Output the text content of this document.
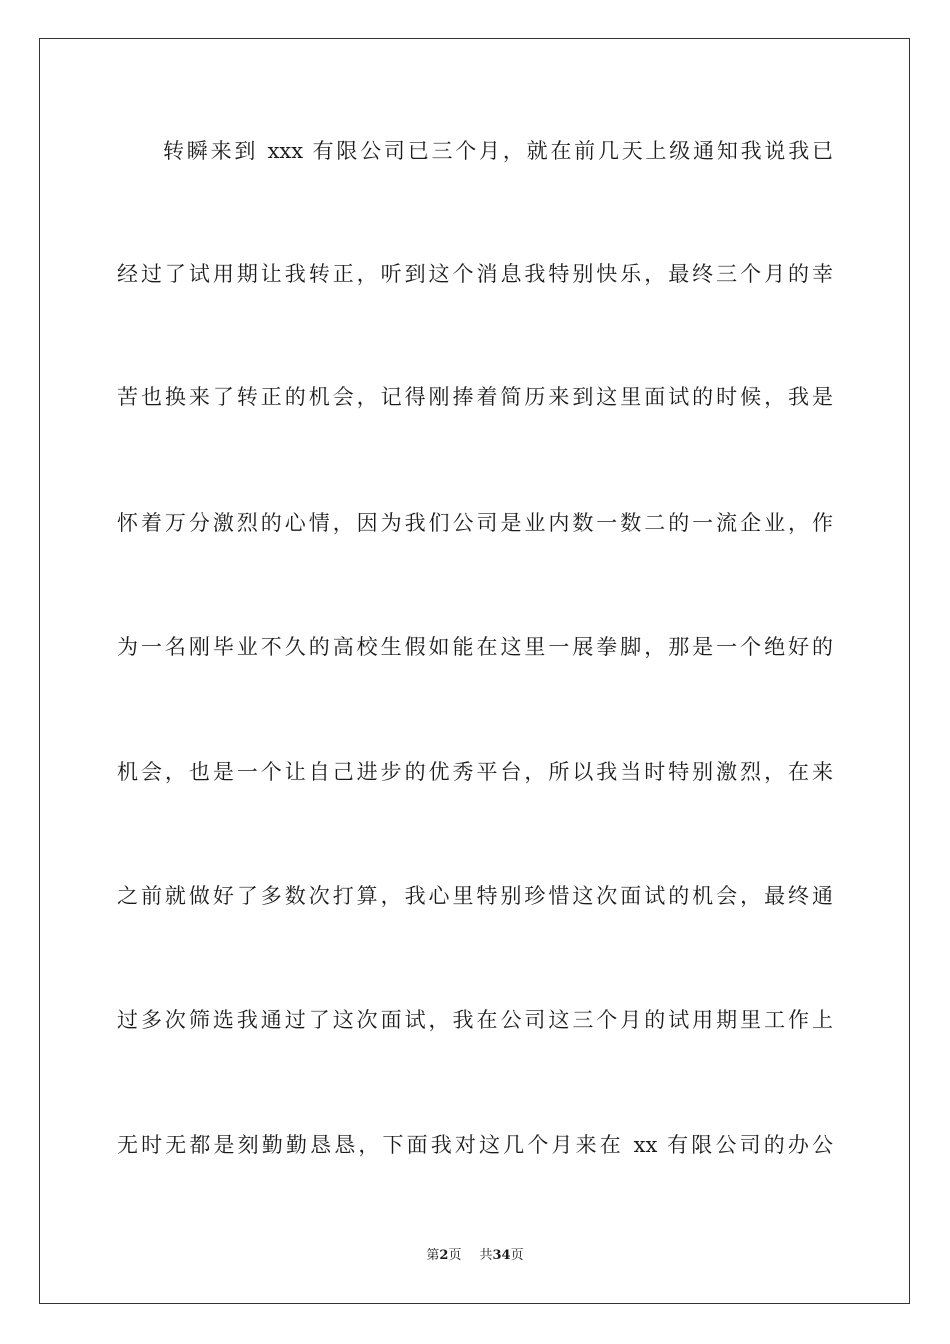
转瞬来到 xxx 有限公司已三个月，就在前几天上级通知我说我已
经过了试用期让我转正，听到这个消息我特别快乐，最终三个月的幸
苦也换来了转正的机会，记得刚捧着简历来到这里面试的时候，我是
怀着万分激烈的心情，因为我们公司是业内数一数二的一流企业，作
为一名刚毕业不久的高校生假如能在这里一展拳脚，那是一个绝好的
机会，也是一个让自己进步的优秀平台，所以我当时特别激烈，在来
之前就做好了多数次打算，我心里特别珍惜这次面试的机会，最终通
过多次筛选我通过了这次面试，我在公司这三个月的试用期里工作上
无时无都是刻勤勤恳恳，下面我对这几个月来在 xx 有限公司的办公
第2页 共34页
